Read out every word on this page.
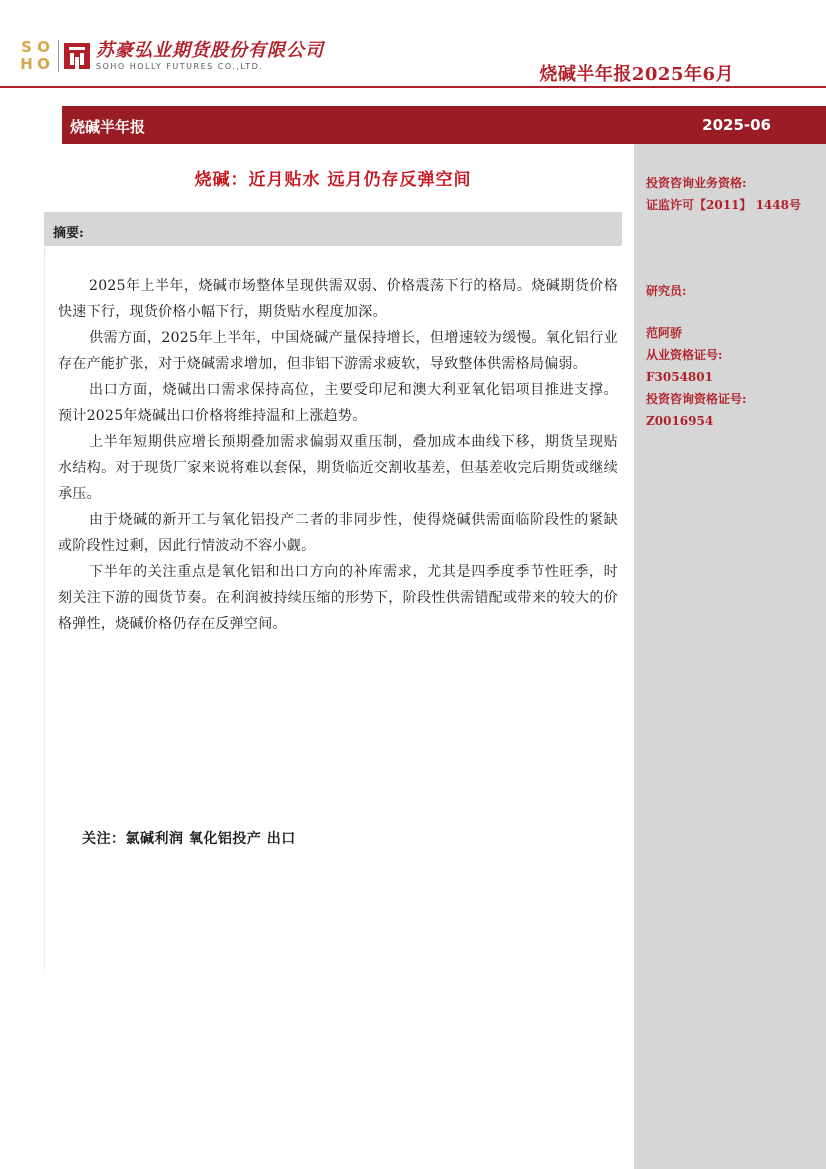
S O
H O
苏豪弘业期货股份有限公司
SOHO HOLLY FUTURES CO.,LTD.	烧碱半年报2025年6月
烧碱半年报	2025-06
投资咨询业务资格:
证监许可【2011】 1448号
研究员:
范阿骄
从业资格证号:
F3054801
投资咨询资格证号:
Z0016954
烧碱：近月贴水 远月仍存反弹空间
摘要:

2025年上半年，烧碱市场整体呈现供需双弱、价格震荡下行的格局。烧碱期货价格快速下行，现货价格小幅下行，期货贴水程度加深。

供需方面，2025年上半年，中国烧碱产量保持增长，但增速较为缓慢。氧化铝行业存在产能扩张，对于烧碱需求增加，但非铝下游需求疲软，导致整体供需格局偏弱。

出口方面，烧碱出口需求保持高位，主要受印尼和澳大利亚氧化铝项目推进支撑。预计2025年烧碱出口价格将维持温和上涨趋势。

上半年短期供应增长预期叠加需求偏弱双重压制，叠加成本曲线下移，期货呈现贴水结构。对于现货厂家来说将难以套保，期货临近交割收基差，但基差收完后期货或继续承压。

由于烧碱的新开工与氧化铝投产二者的非同步性，使得烧碱供需面临阶段性的紧缺或阶段性过剩，因此行情波动不容小觑。

下半年的关注重点是氧化铝和出口方向的补库需求，尤其是四季度季节性旺季，时刻关注下游的囤货节奏。在利润被持续压缩的形势下，阶段性供需错配或带来的较大的价格弹性，烧碱价格仍存在反弹空间。

关注：氯碱利润 氧化铝投产 出口
